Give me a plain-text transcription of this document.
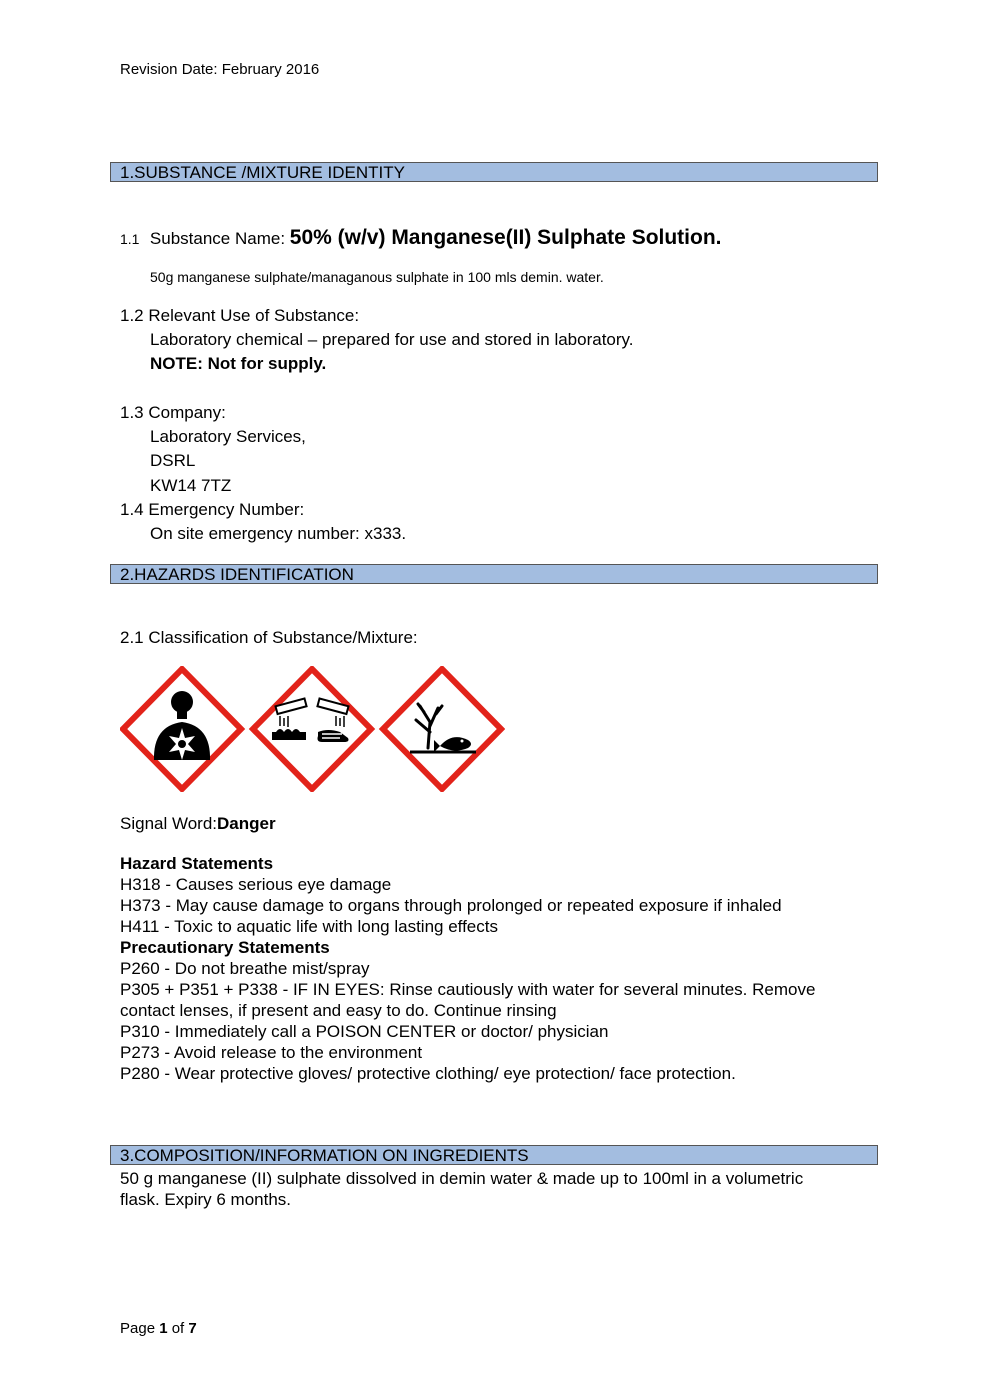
Revision Date: February 2016
1.SUBSTANCE /MIXTURE IDENTITY
1.1 Substance Name: 50% (w/v) Manganese(II) Sulphate Solution.
50g manganese sulphate/managanous sulphate in 100 mls demin. water.
1.2 Relevant Use of Substance:
Laboratory chemical – prepared for use and stored in laboratory.
NOTE: Not for supply.
1.3 Company:
Laboratory Services,
DSRL
KW14 7TZ
1.4 Emergency Number:
On site emergency number: x333.
2.HAZARDS IDENTIFICATION
2.1 Classification of Substance/Mixture:
Signal Word:Danger
Hazard Statements
H318 - Causes serious eye damage
H373 - May cause damage to organs through prolonged or repeated exposure if inhaled
H411 - Toxic to aquatic life with long lasting effects
Precautionary Statements
P260 - Do not breathe mist/spray
P305 + P351 + P338 - IF IN EYES: Rinse cautiously with water for several minutes. Remove
contact lenses, if present and easy to do. Continue rinsing
P310 - Immediately call a POISON CENTER or doctor/ physician
P273 - Avoid release to the environment
P280 - Wear protective gloves/ protective clothing/ eye protection/ face protection.
3.COMPOSITION/INFORMATION ON INGREDIENTS
50 g manganese (II) sulphate dissolved in demin water & made up to 100ml in a volumetric
flask. Expiry 6 months.
Page 1 of 7
